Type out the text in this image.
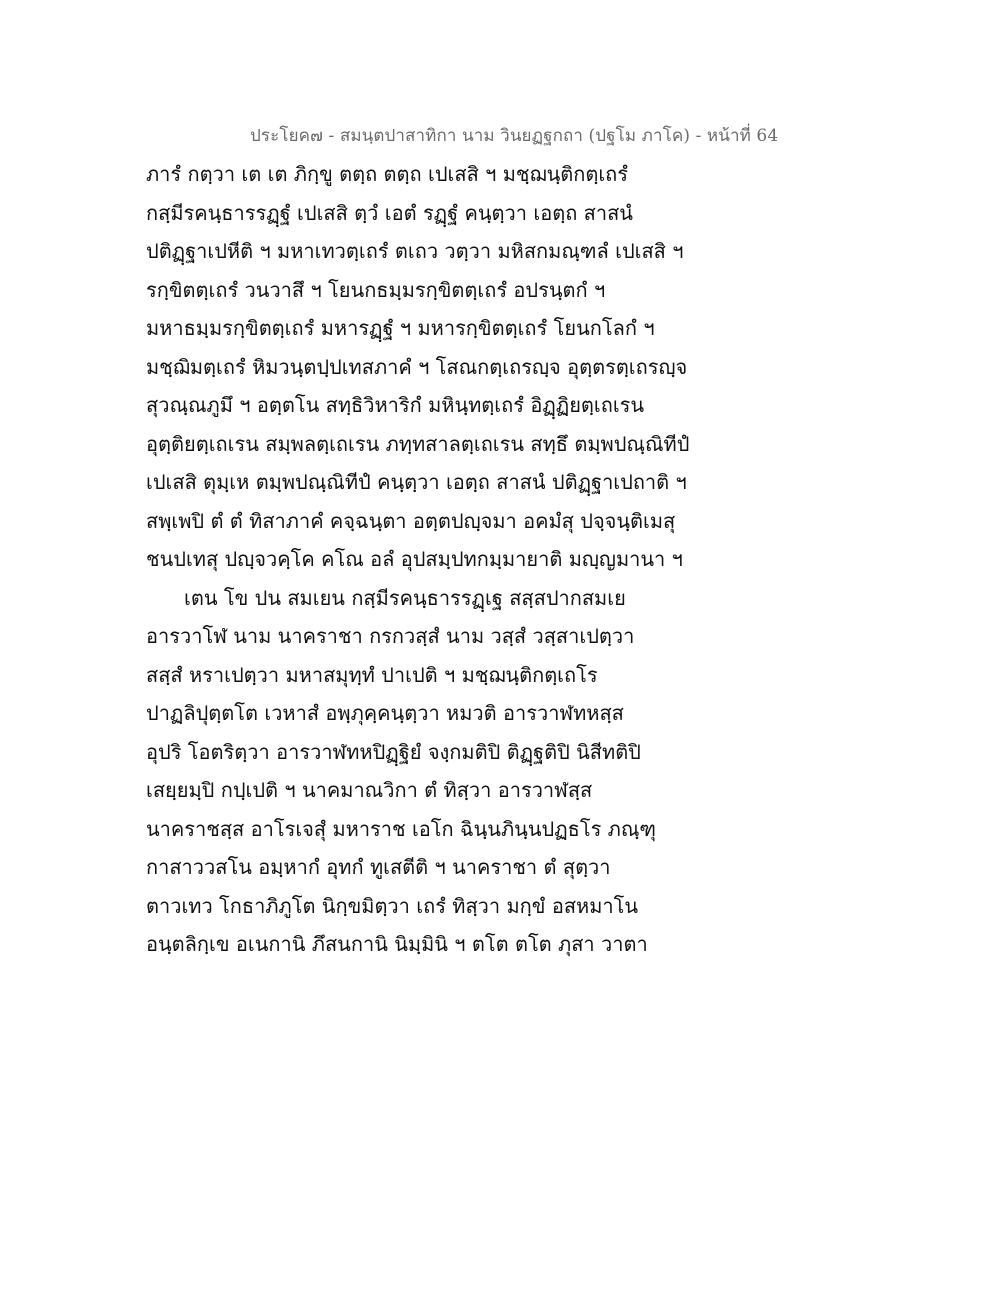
ประโยค๗ - สมนฺตปาสาทิกา นาม วินยฏฐกถา (ปฐโม ภาโค) - หน้าที่ 64
ภารํ กตฺวา เต เต ภิกฺขู ตตฺถ ตตฺถ เปเสสิ ฯ มชฺฌนฺติกตฺเถรํ
กสฺมีรคนฺธารรฏฺฐํ เปเสสิ ตฺวํ เอตํ รฏฺฐํ คนฺตฺวา เอตฺถ สาสนํ
ปติฏฺฐาเปหีติ ฯ มหาเทวตฺเถรํ ตเถว วตฺวา มหิสกมณฺฑลํ เปเสสิ ฯ
รกฺขิตตฺเถรํ วนวาสึ ฯ โยนกธมฺมรกฺขิตตฺเถรํ อปรนฺตกํ ฯ
มหาธมฺมรกฺขิตตฺเถรํ มหารฏฺฐํ ฯ มหารกฺขิตตฺเถรํ โยนกโลกํ ฯ
มชฺฌิมตฺเถรํ หิมวนฺตปฺปเทสภาคํ ฯ โสณกตฺเถรญฺจ อุตฺตรตฺเถรญฺจ
สุวณฺณภูมึ ฯ อตฺตโน สทฺธิวิหาริกํ มหินฺทตฺเถรํ อิฏฺฏิยตฺเถเรน
อุตฺติยตฺเถเรน สมฺพลตฺเถเรน ภทฺทสาลตฺเถเรน สทฺธึ ตมฺพปณฺณิทีปํ
เปเสสิ ตุมฺเห ตมฺพปณฺณิทีปํ คนฺตฺวา เอตฺถ สาสนํ ปติฏฺฐาเปถาติ ฯ
สพฺเพปิ ตํ ตํ ทิสาภาคํ คจฺฉนฺตา อตฺตปญฺจมา อคมํสุ ปจฺจนฺติเมสุ
ชนปเทสุ ปญฺจวคฺโค คโณ อลํ อุปสมฺปทกมฺมายาติ มญฺญมานา ฯ
เตน โข ปน สมเยน กสฺมีรคนฺธารรฏฺเฐ สสฺสปากสมเย
อารวาโฬ นาม นาคราชา กรกวสฺสํ นาม วสฺสํ วสฺสาเปตฺวา
สสฺสํ หราเปตฺวา มหาสมุทฺทํ ปาเปติ ฯ มชฺฌนฺติกตฺเถโร
ปาฏลิปุตฺตโต เวหาสํ อพฺภุคฺคนฺตฺวา หมวติ อารวาฬทหสฺส
อุปริ โอตริตฺวา อารวาฬทหปิฏฺฐิยํ จงฺกมติปิ ติฏฺฐติปิ นิสีทติปิ
เสยฺยมฺปิ กปฺเปติ ฯ นาคมาณวิกา ตํ ทิสฺวา อารวาฬสฺส
นาคราชสฺส อาโรเจสุํ มหาราช เอโก ฉินฺนภินฺนปฏธโร ภณฺฑุ
กาสาววสโน อมฺหากํ อุทกํ ทูเสตีติ ฯ นาคราชา ตํ สุตฺวา
ตาวเทว โกธาภิภูโต นิกฺขมิตฺวา เถรํ ทิสฺวา มกฺขํ อสหมาโน
อนฺตลิกฺเข อเนกานิ ภึสนกานิ นิมฺมินิ ฯ ตโต ตโต ภุสา วาตา
